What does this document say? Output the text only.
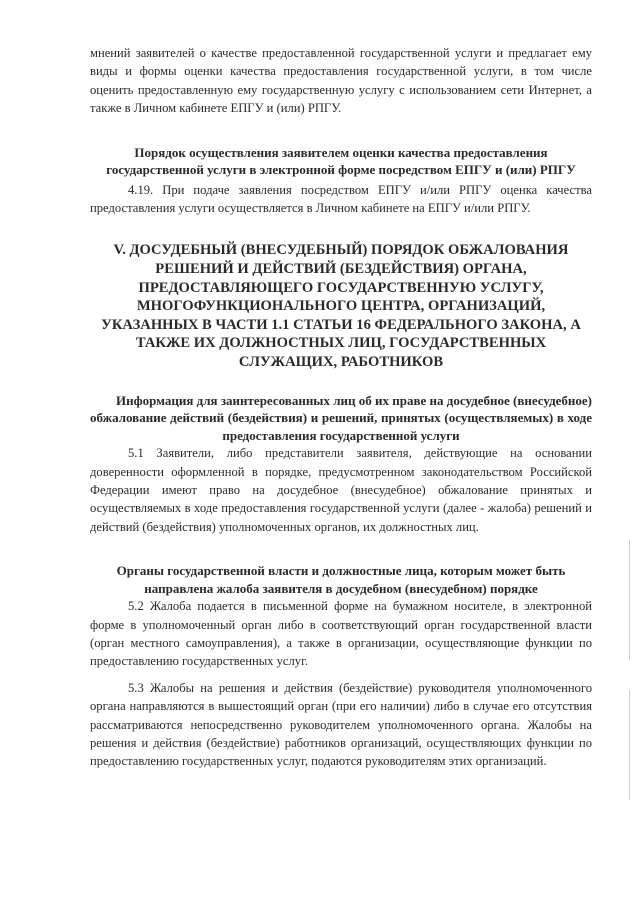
мнений заявителей о качестве предоставленной государственной услуги и предлагает ему виды и формы оценки качества предоставления государственной услуги, в том числе оценить предоставленную ему государственную услугу с использованием сети Интернет, а также в Личном кабинете ЕПГУ и (или) РПГУ.

Порядок осуществления заявителем оценки качества предоставления государственной услуги в электронной форме посредством ЕПГУ и (или) РПГУ

4.19. При подаче заявления посредством ЕПГУ и/или РПГУ оценка качества предоставления услуги осуществляется в Личном кабинете на ЕПГУ и/или РПГУ.

V. ДОСУДЕБНЫЙ (ВНЕСУДЕБНЫЙ) ПОРЯДОК ОБЖАЛОВАНИЯ РЕШЕНИЙ И ДЕЙСТВИЙ (БЕЗДЕЙСТВИЯ) ОРГАНА, ПРЕДОСТАВЛЯЮЩЕГО ГОСУДАРСТВЕННУЮ УСЛУГУ, МНОГОФУНКЦИОНАЛЬНОГО ЦЕНТРА, ОРГАНИЗАЦИЙ, УКАЗАННЫХ В ЧАСТИ 1.1 СТАТЬИ 16 ФЕДЕРАЛЬНОГО ЗАКОНА, А ТАКЖЕ ИХ ДОЛЖНОСТНЫХ ЛИЦ, ГОСУДАРСТВЕННЫХ СЛУЖАЩИХ, РАБОТНИКОВ

Информация для заинтересованных лиц об их праве на досудебное (внесудебное) обжалование действий (бездействия) и решений, принятых (осуществляемых) в ходе предоставления государственной услуги

5.1 Заявители, либо представители заявителя, действующие на основании доверенности оформленной в порядке, предусмотренном законодательством Российской Федерации имеют право на досудебное (внесудебное) обжалование принятых и осуществляемых в ходе предоставления государственной услуги (далее - жалоба) решений и действий (бездействия) уполномоченных органов, их должностных лиц.

Органы государственной власти и должностные лица, которым может быть направлена жалоба заявителя в досудебном (внесудебном) порядке

5.2 Жалоба подается в письменной форме на бумажном носителе, в электронной форме в уполномоченный орган либо в соответствующий орган государственной власти (орган местного самоуправления), а также в организации, осуществляющие функции по предоставлению государственных услуг.

5.3 Жалобы на решения и действия (бездействие) руководителя уполномоченного органа направляются в вышестоящий орган (при его наличии) либо в случае его отсутствия рассматриваются непосредственно руководителем уполномоченного органа. Жалобы на решения и действия (бездействие) работников организаций, осуществляющих функции по предоставлению государственных услуг, подаются руководителям этих организаций.
